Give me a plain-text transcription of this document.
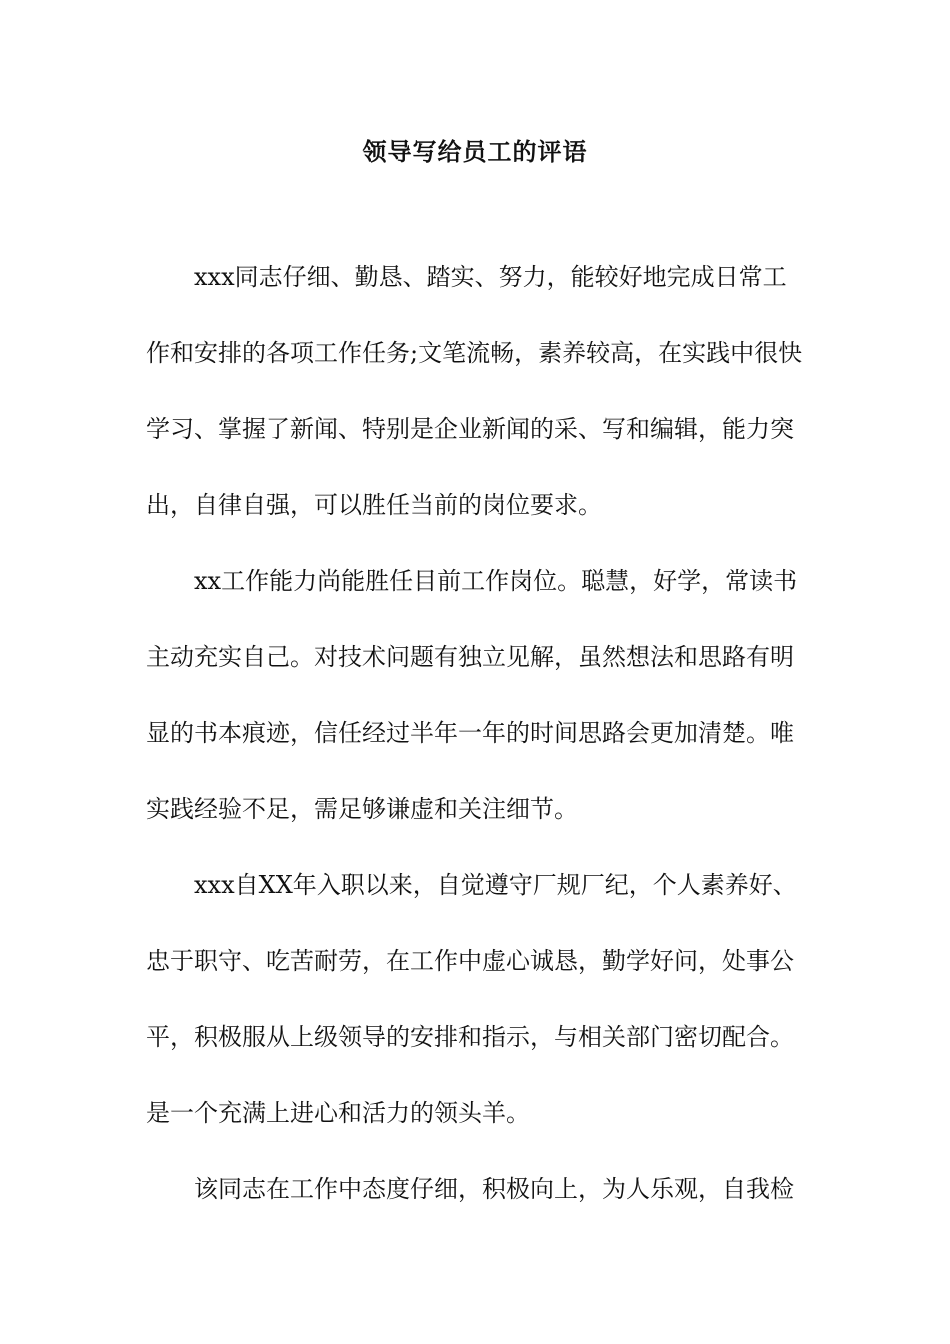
领导写给员工的评语
xxx同志仔细、勤恳、踏实、努力，能较好地完成日常工
作和安排的各项工作任务;文笔流畅，素养较高，在实践中很快
学习、掌握了新闻、特别是企业新闻的采、写和编辑，能力突
出，自律自强，可以胜任当前的岗位要求。
xx工作能力尚能胜任目前工作岗位。聪慧，好学，常读书
主动充实自己。对技术问题有独立见解，虽然想法和思路有明
显的书本痕迹，信任经过半年一年的时间思路会更加清楚。唯
实践经验不足，需足够谦虚和关注细节。
xxx自XX年入职以来，自觉遵守厂规厂纪，个人素养好、
忠于职守、吃苦耐劳，在工作中虚心诚恳，勤学好问，处事公
平，积极服从上级领导的安排和指示，与相关部门密切配合。
是一个充满上进心和活力的领头羊。
该同志在工作中态度仔细，积极向上，为人乐观，自我检
